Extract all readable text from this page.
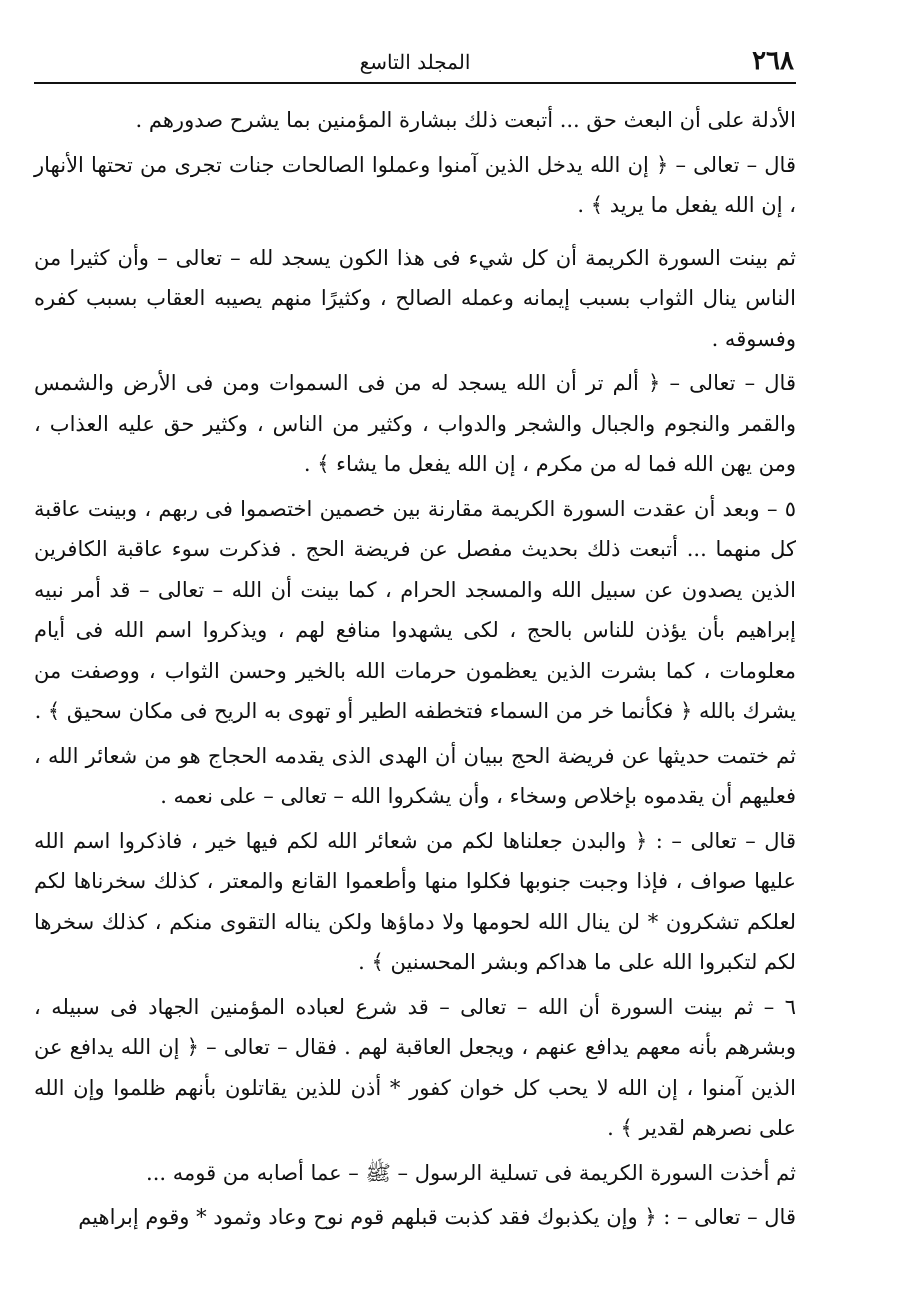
٢٦٨
المجلد التاسع

الأدلة على أن البعث حق ... أتبعت ذلك ببشارة المؤمنين بما يشرح صدورهم .

قال – تعالى – ﴿ إن الله يدخل الذين آمنوا وعملوا الصالحات جنات تجرى من تحتها الأنهار ، إن الله يفعل ما يريد ﴾ .

ثم بينت السورة الكريمة أن كل شيء فى هذا الكون يسجد لله – تعالى – وأن كثيرا من الناس ينال الثواب بسبب إيمانه وعمله الصالح ، وكثيرًا منهم يصيبه العقاب بسبب كفره وفسوقه .

قال – تعالى – ﴿ ألم تر أن الله يسجد له من فى السموات ومن فى الأرض والشمس والقمر والنجوم والجبال والشجر والدواب ، وكثير من الناس ، وكثير حق عليه العذاب ، ومن يهن الله فما له من مكرم ، إن الله يفعل ما يشاء ﴾ .

٥ – وبعد أن عقدت السورة الكريمة مقارنة بين خصمين اختصموا فى ربهم ، وبينت عاقبة كل منهما ... أتبعت ذلك بحديث مفصل عن فريضة الحج . فذكرت سوء عاقبة الكافرين الذين يصدون عن سبيل الله والمسجد الحرام ، كما بينت أن الله – تعالى – قد أمر نبيه إبراهيم بأن يؤذن للناس بالحج ، لكى يشهدوا منافع لهم ، ويذكروا اسم الله فى أيام معلومات ، كما بشرت الذين يعظمون حرمات الله بالخير وحسن الثواب ، ووصفت من يشرك بالله ﴿ فكأنما خر من السماء فتخطفه الطير أو تهوى به الريح فى مكان سحيق ﴾ .

ثم ختمت حديثها عن فريضة الحج ببيان أن الهدى الذى يقدمه الحجاج هو من شعائر الله ، فعليهم أن يقدموه بإخلاص وسخاء ، وأن يشكروا الله – تعالى – على نعمه .

قال – تعالى – : ﴿ والبدن جعلناها لكم من شعائر الله لكم فيها خير ، فاذكروا اسم الله عليها صواف ، فإذا وجبت جنوبها فكلوا منها وأطعموا القانع والمعتر ، كذلك سخرناها لكم لعلكم تشكرون * لن ينال الله لحومها ولا دماؤها ولكن يناله التقوى منكم ، كذلك سخرها لكم لتكبروا الله على ما هداكم وبشر المحسنين ﴾ .

٦ – ثم بينت السورة أن الله – تعالى – قد شرع لعباده المؤمنين الجهاد فى سبيله ، وبشرهم بأنه معهم يدافع عنهم ، ويجعل العاقبة لهم . فقال – تعالى – ﴿ إن الله يدافع عن الذين آمنوا ، إن الله لا يحب كل خوان كفور * أذن للذين يقاتلون بأنهم ظلموا وإن الله على نصرهم لقدير ﴾ .

ثم أخذت السورة الكريمة فى تسلية الرسول – ﷺ – عما أصابه من قومه ...

قال – تعالى – : ﴿ وإن يكذبوك فقد كذبت قبلهم قوم نوح وعاد وثمود * وقوم إبراهيم
